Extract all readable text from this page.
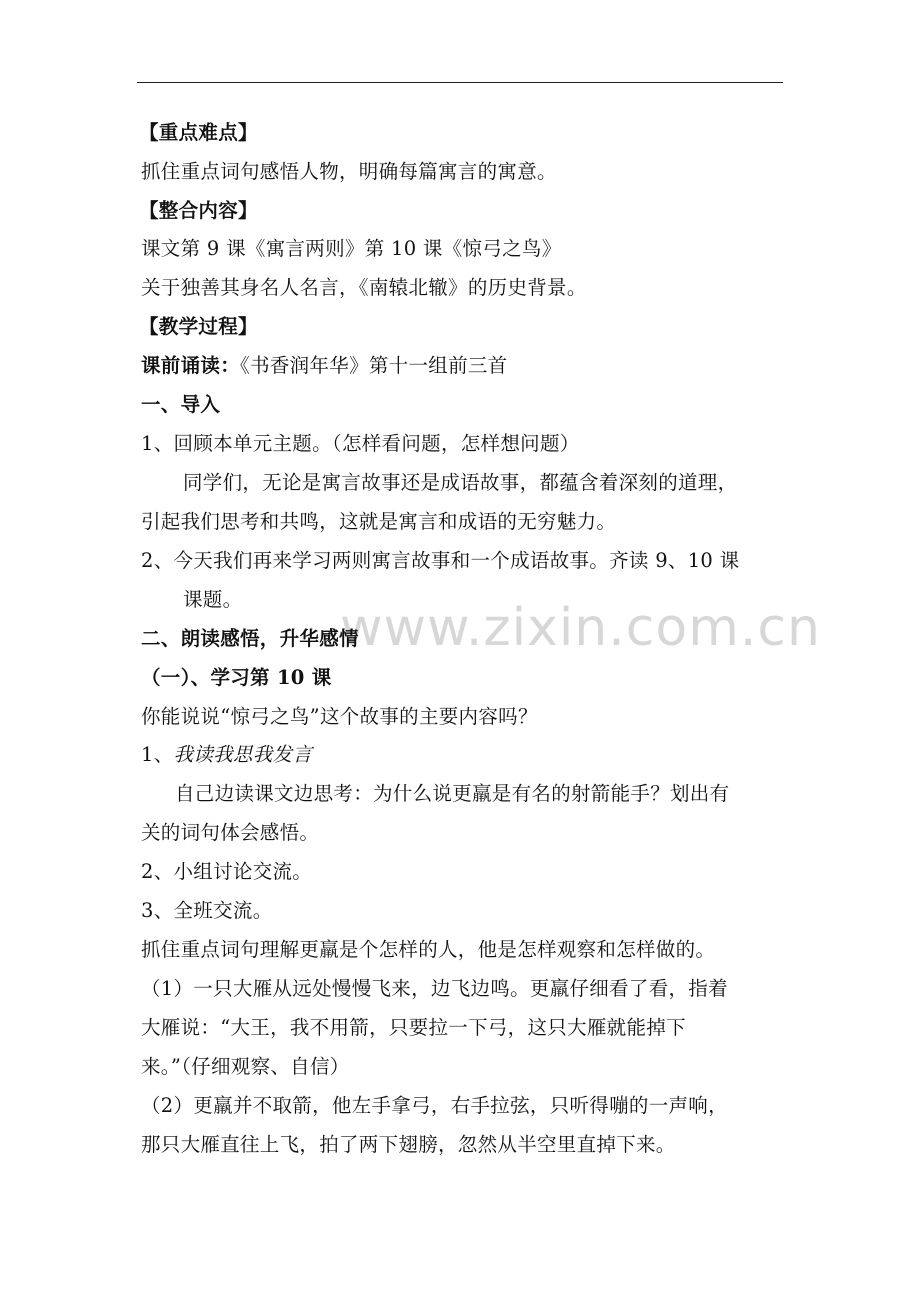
www.zixin.com.cn
【重点难点】
抓住重点词句感悟人物，明确每篇寓言的寓意。
【整合内容】
课文第 9 课《寓言两则》第 10 课《惊弓之鸟》
关于独善其身名人名言，《南辕北辙》的历史背景。
【教学过程】
课前诵读：《书香润年华》第十一组前三首
一、导入
1、回顾本单元主题。（怎样看问题，怎样想问题）
同学们，无论是寓言故事还是成语故事，都蕴含着深刻的道理，
引起我们思考和共鸣，这就是寓言和成语的无穷魅力。
2、今天我们再来学习两则寓言故事和一个成语故事。齐读 9、10 课
课题。
二、朗读感悟，升华感情
（一）、学习第 10 课
你能说说“惊弓之鸟”这个故事的主要内容吗？
1、我读我思我发言
自己边读课文边思考：为什么说更羸是有名的射箭能手？划出有
关的词句体会感悟。
2、小组讨论交流。
3、全班交流。
抓住重点词句理解更羸是个怎样的人，他是怎样观察和怎样做的。
（1）一只大雁从远处慢慢飞来，边飞边鸣。更羸仔细看了看，指着
大雁说：“大王，我不用箭，只要拉一下弓，这只大雁就能掉下
来。”（仔细观察、自信）
（2）更羸并不取箭，他左手拿弓，右手拉弦，只听得嘣的一声响，
那只大雁直往上飞，拍了两下翅膀，忽然从半空里直掉下来。
